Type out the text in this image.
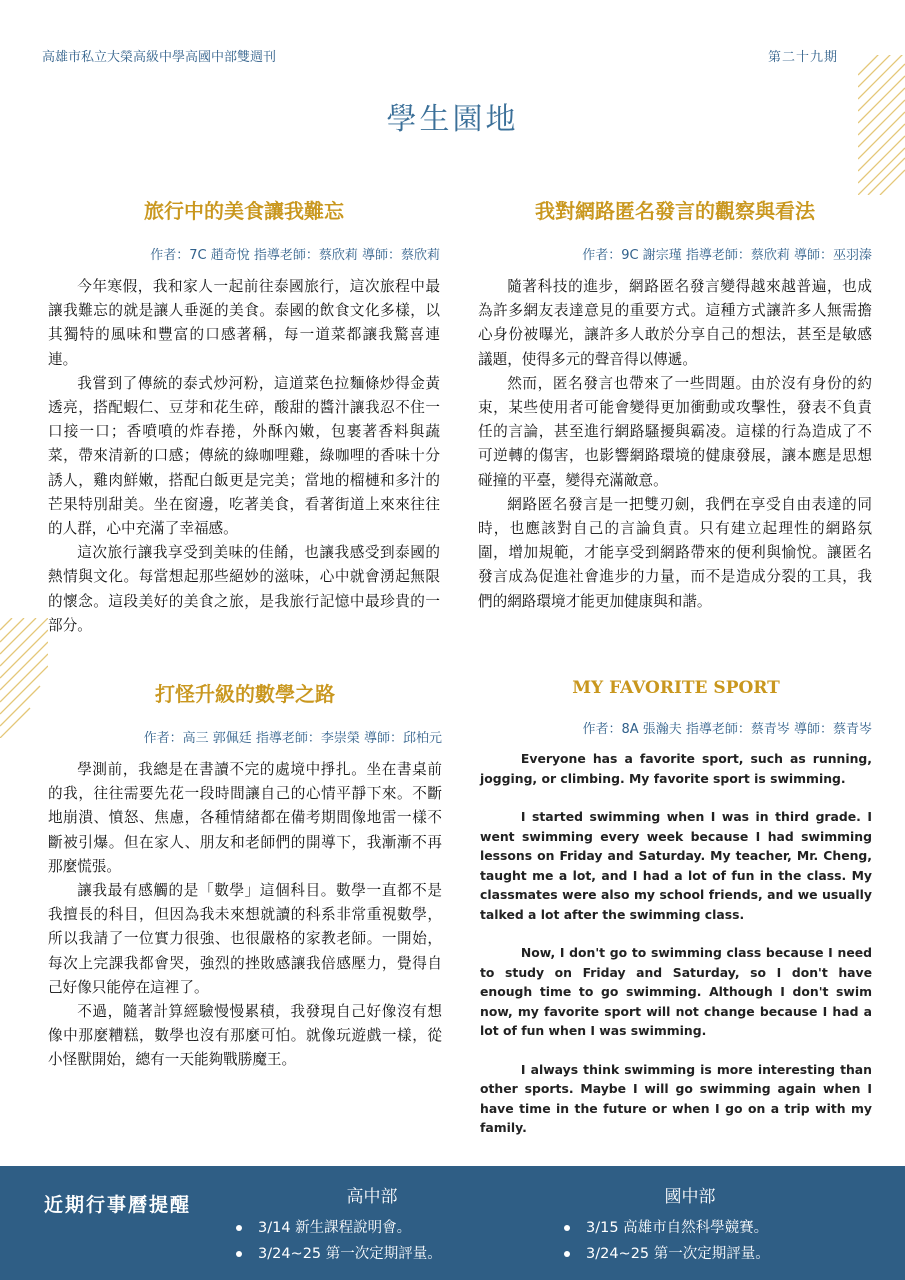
高雄市私立大榮高級中學高國中部雙週刊	第二十九期
學生園地
旅行中的美食讓我難忘
作者：7C 趙奇悅 指導老師：蔡欣莉 導師：蔡欣莉

今年寒假，我和家人一起前往泰國旅行，這次旅程中最讓我難忘的就是讓人垂涎的美食。泰國的飲食文化多樣，以其獨特的風味和豐富的口感著稱，每一道菜都讓我驚喜連連。

我嘗到了傳統的泰式炒河粉，這道菜色拉麵條炒得金黃透亮，搭配蝦仁、豆芽和花生碎，酸甜的醬汁讓我忍不住一口接一口；香噴噴的炸春捲，外酥內嫩，包裹著香料與蔬菜，帶來清新的口感；傳統的綠咖哩雞，綠咖哩的香味十分誘人，雞肉鮮嫩，搭配白飯更是完美；當地的榴槤和多汁的芒果特別甜美。坐在窗邊，吃著美食，看著街道上來來往往的人群，心中充滿了幸福感。

這次旅行讓我享受到美味的佳餚，也讓我感受到泰國的熱情與文化。每當想起那些絕妙的滋味，心中就會湧起無限的懷念。這段美好的美食之旅，是我旅行記憶中最珍貴的一部分。

我對網路匿名發言的觀察與看法
作者：9C 謝宗瑾 指導老師：蔡欣莉 導師：巫羽溱

隨著科技的進步，網路匿名發言變得越來越普遍，也成為許多網友表達意見的重要方式。這種方式讓許多人無需擔心身份被曝光，讓許多人敢於分享自己的想法，甚至是敏感議題，使得多元的聲音得以傳遞。

然而，匿名發言也帶來了一些問題。由於沒有身份的約束，某些使用者可能會變得更加衝動或攻擊性，發表不負責任的言論，甚至進行網路騷擾與霸凌。這樣的行為造成了不可逆轉的傷害，也影響網路環境的健康發展，讓本應是思想碰撞的平臺，變得充滿敵意。

網路匿名發言是一把雙刃劍，我們在享受自由表達的同時，也應該對自己的言論負責。只有建立起理性的網路氛圍，增加規範，才能享受到網路帶來的便利與愉悅。讓匿名發言成為促進社會進步的力量，而不是造成分裂的工具，我們的網路環境才能更加健康與和諧。

打怪升級的數學之路
作者：高三 郭佩廷 指導老師：李崇榮 導師：邱柏元

學測前，我總是在書讀不完的處境中掙扎。坐在書桌前的我，往往需要先花一段時間讓自己的心情平靜下來。不斷地崩潰、憤怒、焦慮，各種情緒都在備考期間像地雷一樣不斷被引爆。但在家人、朋友和老師們的開導下，我漸漸不再那麼慌張。

讓我最有感觸的是「數學」這個科目。數學一直都不是我擅長的科目，但因為我未來想就讀的科系非常重視數學，所以我請了一位實力很強、也很嚴格的家教老師。一開始，每次上完課我都會哭，強烈的挫敗感讓我倍感壓力，覺得自己好像只能停在這裡了。

不過，隨著計算經驗慢慢累積，我發現自己好像沒有想像中那麼糟糕，數學也沒有那麼可怕。就像玩遊戲一樣，從小怪獸開始，總有一天能夠戰勝魔王。

MY FAVORITE SPORT
作者：8A 張瀚夫 指導老師：蔡青岑 導師：蔡青岑

Everyone has a favorite sport, such as running, jogging, or climbing. My favorite sport is swimming.

I started swimming when I was in third grade. I went swimming every week because I had swimming lessons on Friday and Saturday. My teacher, Mr. Cheng, taught me a lot, and I had a lot of fun in the class. My classmates were also my school friends, and we usually talked a lot after the swimming class.

Now, I don't go to swimming class because I need to study on Friday and Saturday, so I don't have enough time to go swimming. Although I don't swim now, my favorite sport will not change because I had a lot of fun when I was swimming.

I always think swimming is more interesting than other sports. Maybe I will go swimming again when I have time in the future or when I go on a trip with my family.

近期行事曆提醒	高中部
3/14 新生課程說明會。
3/24~25 第一次定期評量。
國中部
3/15 高雄市自然科學競賽。
3/24~25 第一次定期評量。
